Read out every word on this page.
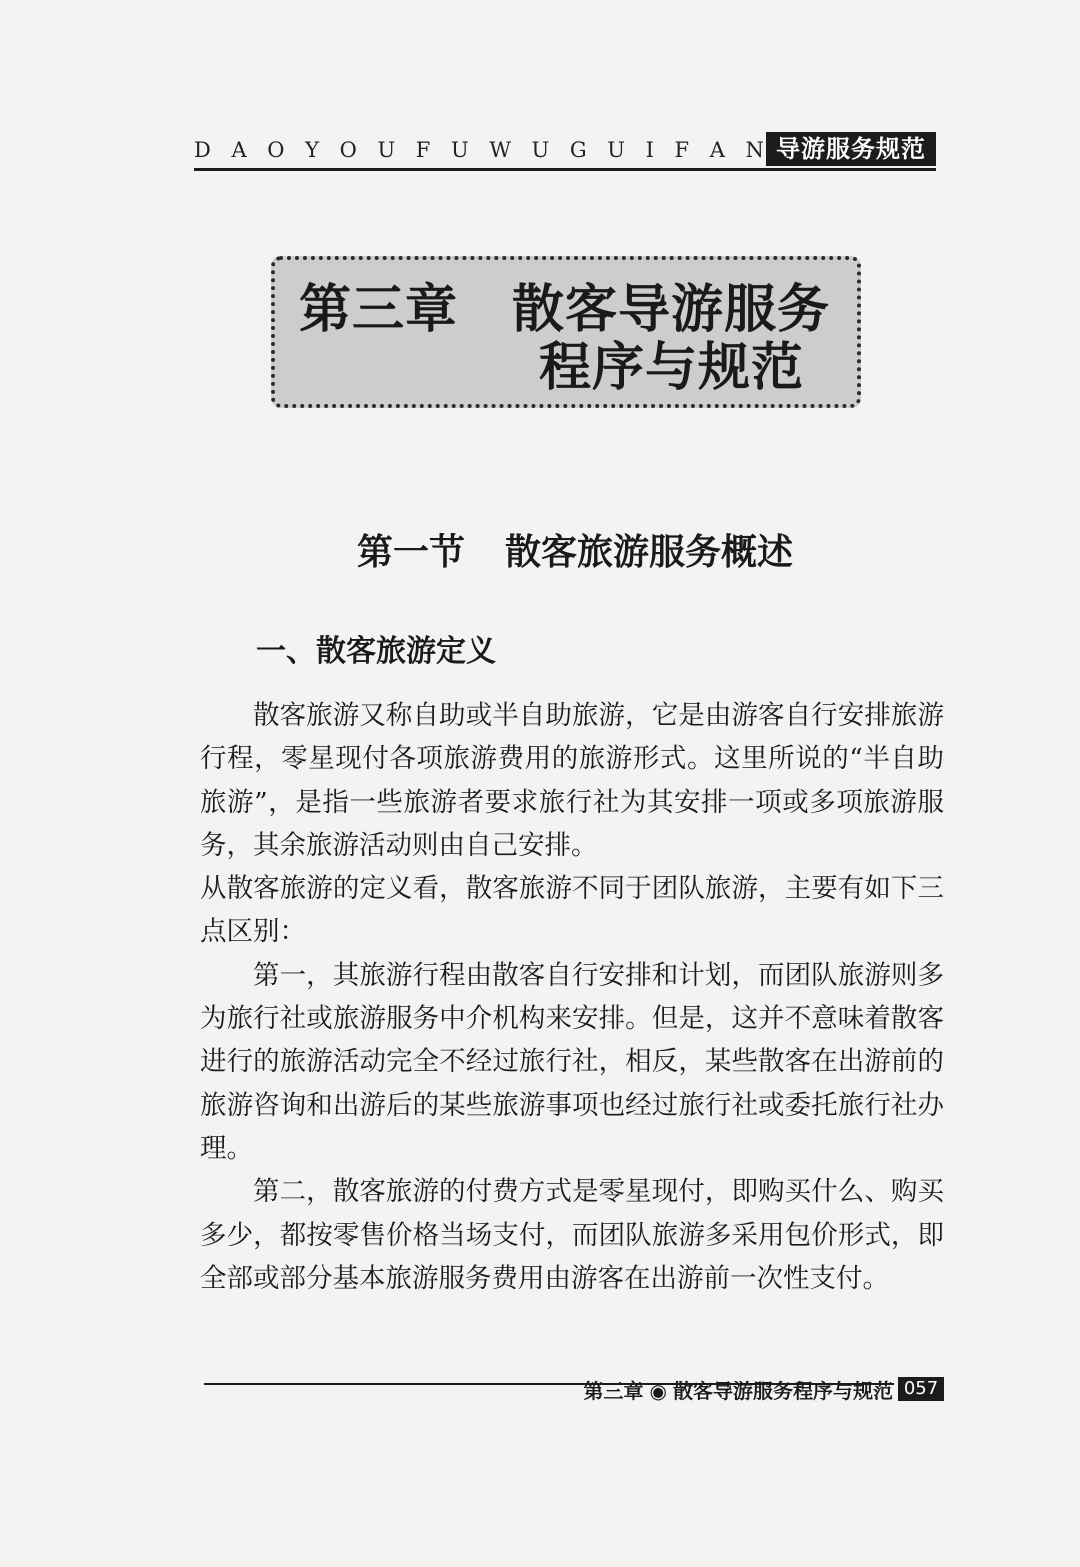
D A O Y O U F U W U G U I F A N 导游服务规范
第三章 散客导游服务
程序与规范
第一节 散客旅游服务概述
一、散客旅游定义

散客旅游又称自助或半自助旅游，它是由游客自行安排旅游行程，零星现付各项旅游费用的旅游形式。这里所说的“半自助旅游”，是指一些旅游者要求旅行社为其安排一项或多项旅游服务，其余旅游活动则由自己安排。

从散客旅游的定义看，散客旅游不同于团队旅游，主要有如下三点区别：

第一，其旅游行程由散客自行安排和计划，而团队旅游则多为旅行社或旅游服务中介机构来安排。但是，这并不意味着散客进行的旅游活动完全不经过旅行社，相反，某些散客在出游前的旅游咨询和出游后的某些旅游事项也经过旅行社或委托旅行社办理。

第二，散客旅游的付费方式是零星现付，即购买什么、购买多少，都按零售价格当场支付，而团队旅游多采用包价形式，即全部或部分基本旅游服务费用由游客在出游前一次性支付。

第三章 ◉ 散客导游服务程序与规范 057
